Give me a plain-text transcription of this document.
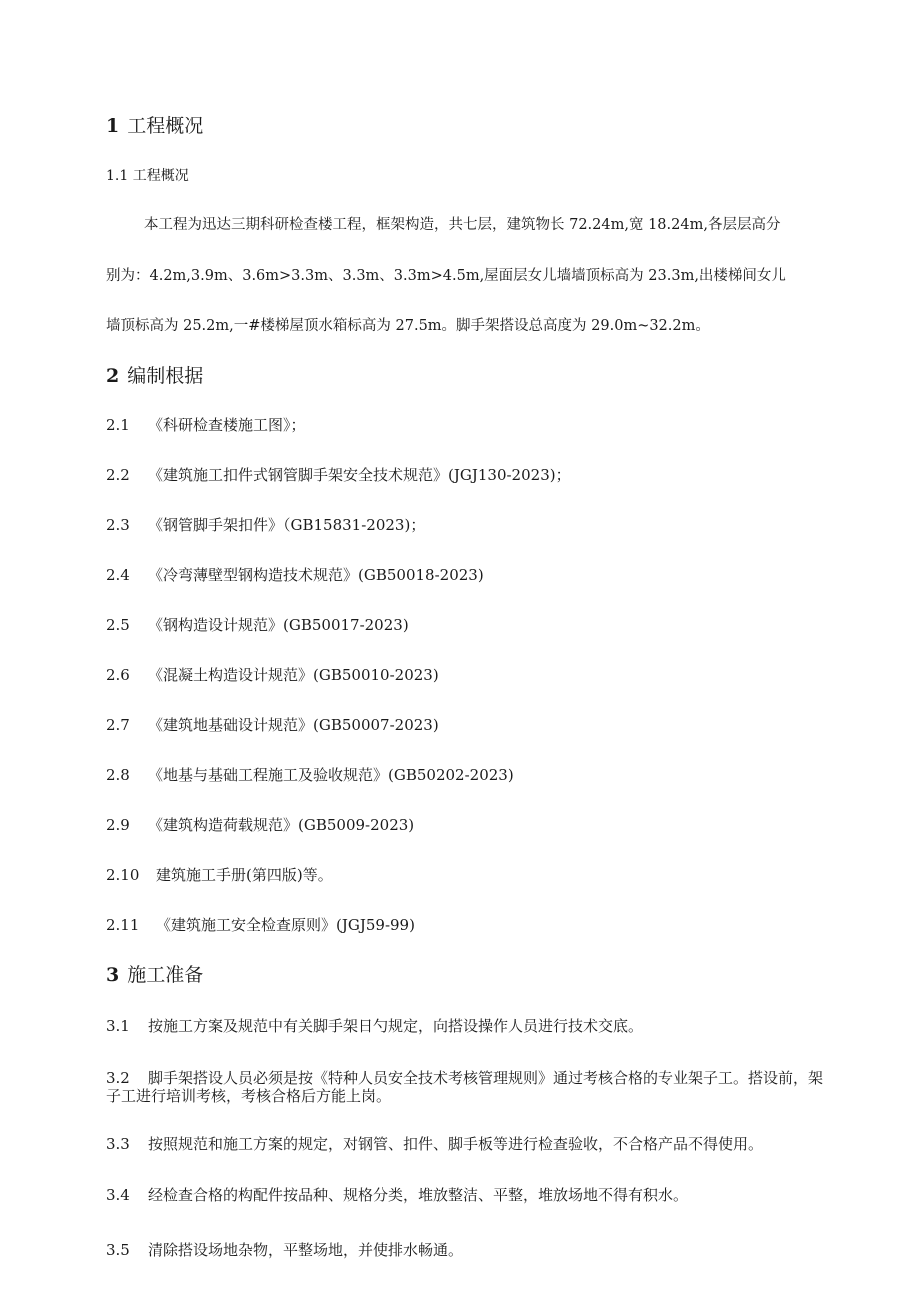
1 工程概况
1.1 工程概况
本工程为迅达三期科研检查楼工程，框架构造，共七层，建筑物长 72.24m,宽 18.24m,各层层高分
别为：4.2m,3.9m、3.6m>3.3m、3.3m、3.3m>4.5m,屋面层女儿墙墙顶标高为 23.3m,出楼梯间女儿
墙顶标高为 25.2m,一#楼梯屋顶水箱标高为 27.5m。脚手架搭设总高度为 29.0m~32.2m。
2 编制根据
2.1 《科研检查楼施工图》；
2.2 《建筑施工扣件式钢管脚手架安全技术规范》(JGJ130-2023)；
2.3 《钢管脚手架扣件》（GB15831-2023)；
2.4 《冷弯薄壁型钢构造技术规范》(GB50018-2023)
2.5 《钢构造设计规范》(GB50017-2023)
2.6 《混凝土构造设计规范》(GB50010-2023)
2.7 《建筑地基础设计规范》(GB50007-2023)
2.8 《地基与基础工程施工及验收规范》(GB50202-2023)
2.9 《建筑构造荷载规范》(GB5009-2023)
2.10 建筑施工手册(第四版)等。
2.11 《建筑施工安全检查原则》(JGJ59-99)
3 施工准备
3.1 按施工方案及规范中有关脚手架日勺规定，向搭设操作人员进行技术交底。
3.2 脚手架搭设人员必须是按《特种人员安全技术考核管理规则》通过考核合格的专业架子工。搭设前，架子工进行培训考核，考核合格后方能上岗。
3.3 按照规范和施工方案的规定，对钢管、扣件、脚手板等进行检查验收，不合格产品不得使用。
3.4 经检查合格的构配件按品种、规格分类，堆放整洁、平整，堆放场地不得有积水。
3.5 清除搭设场地杂物，平整场地，并使排水畅通。
